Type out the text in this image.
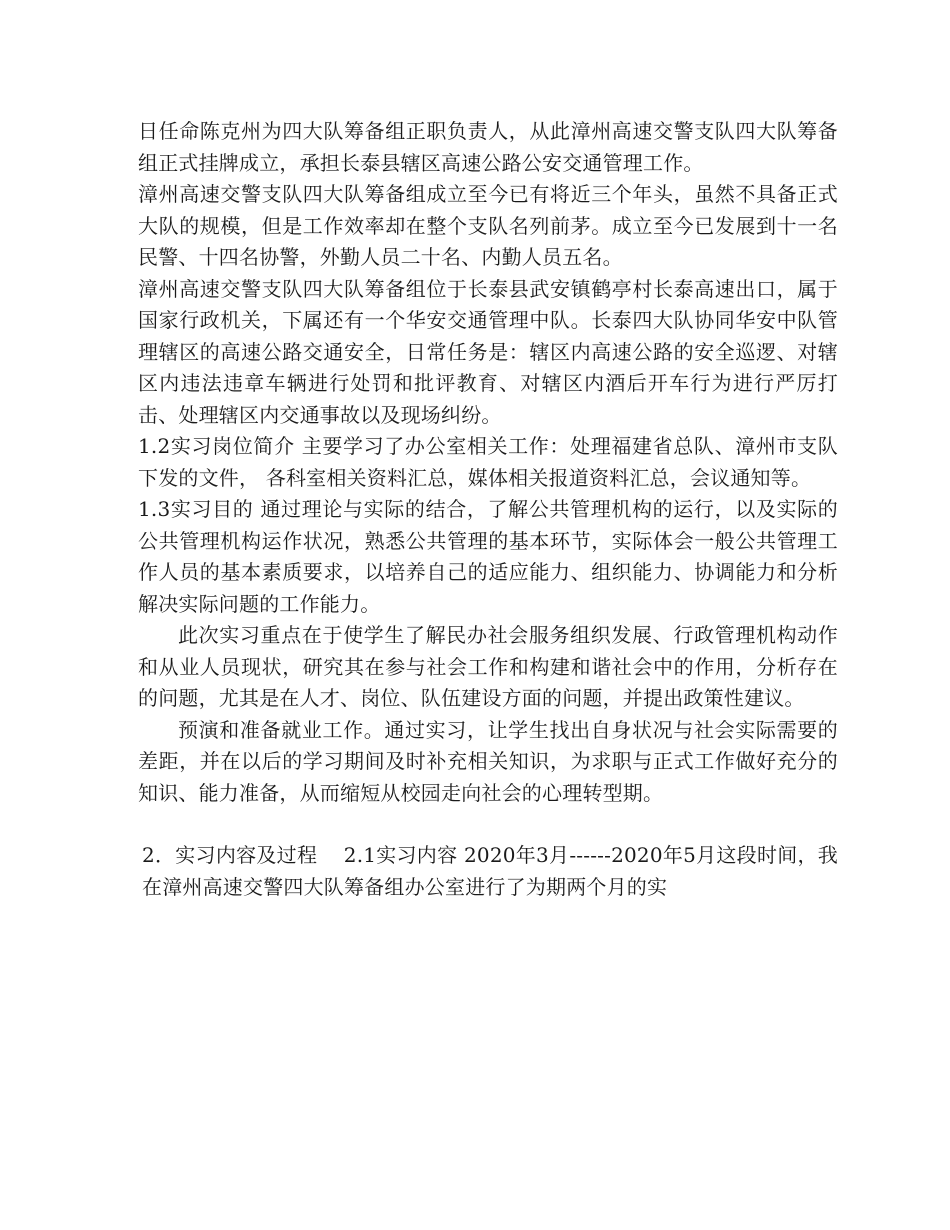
日任命陈克州为四大队筹备组正职负责人，从此漳州高速交警支队四大队筹备组正式挂牌成立，承担长泰县辖区高速公路公安交通管理工作。

漳州高速交警支队四大队筹备组成立至今已有将近三个年头，虽然不具备正式大队的规模，但是工作效率却在整个支队名列前茅。成立至今已发展到十一名民警、十四名协警，外勤人员二十名、内勤人员五名。

漳州高速交警支队四大队筹备组位于长泰县武安镇鹤亭村长泰高速出口，属于国家行政机关，下属还有一个华安交通管理中队。长泰四大队协同华安中队管理辖区的高速公路交通安全，日常任务是：辖区内高速公路的安全巡逻、对辖区内违法违章车辆进行处罚和批评教育、对辖区内酒后开车行为进行严厉打击、处理辖区内交通事故以及现场纠纷。

1.2实习岗位简介 主要学习了办公室相关工作：处理福建省总队、漳州市支队下发的文件， 各科室相关资料汇总，媒体相关报道资料汇总，会议通知等。

1.3实习目的 通过理论与实际的结合，了解公共管理机构的运行，以及实际的公共管理机构运作状况，熟悉公共管理的基本环节，实际体会一般公共管理工作人员的基本素质要求，以培养自己的适应能力、组织能力、协调能力和分析解决实际问题的工作能力。

此次实习重点在于使学生了解民办社会服务组织发展、行政管理机构动作和从业人员现状，研究其在参与社会工作和构建和谐社会中的作用，分析存在的问题，尤其是在人才、岗位、队伍建设方面的问题，并提出政策性建议。

预演和准备就业工作。通过实习，让学生找出自身状况与社会实际需要的差距，并在以后的学习期间及时补充相关知识，为求职与正式工作做好充分的知识、能力准备，从而缩短从校园走向社会的心理转型期。

2．实习内容及过程    2.1实习内容 2020年3月------2020年5月这段时间，我在漳州高速交警四大队筹备组办公室进行了为期两个月的实
